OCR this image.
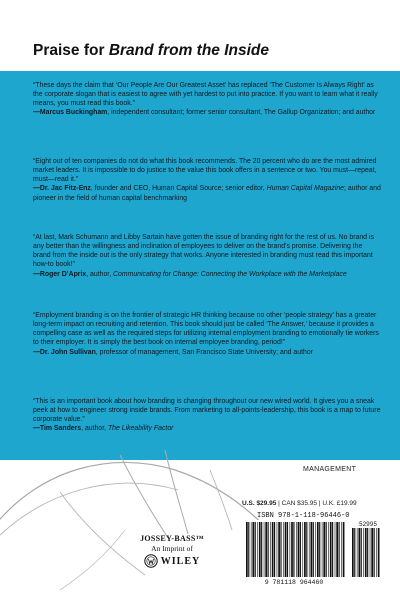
Praise for Brand from the Inside

“These days the claim that ‘Our People Are Our Greatest Asset’ has replaced ‘The Customer Is Always Right’ as the corporate slogan that is easiest to agree with yet hardest to put into practice. If you want to learn what it really means, you must read this book.”
—Marcus Buckingham, independent consultant; former senior consultant, The Gallup Organization; and author

“Eight out of ten companies do not do what this book recommends. The 20 percent who do are the most admired market leaders. It is impossible to do justice to the value this book offers in a sentence or two. You must—repeat, must—read it.”
—Dr. Jac Fitz-Enz, founder and CEO, Human Capital Source; senior editor, Human Capital Magazine; author and pioneer in the field of human capital benchmarking

“At last, Mark Schumann and Libby Sartain have gotten the issue of branding right for the rest of us. No brand is any better than the willingness and inclination of employees to deliver on the brand’s promise. Delivering the brand from the inside out is the only strategy that works. Anyone interested in branding must read this important how-to book!”
—Roger D’Aprix, author, Communicating for Change: Connecting the Workplace with the Marketplace

“Employment branding is on the frontier of strategic HR thinking because no other ‘people strategy’ has a greater long-term impact on recruiting and retention. This book should just be called ‘The Answer,’ because it provides a compelling case as well as the required steps for utilizing internal employment branding to emotionally tie workers to their employer. It is simply the best book on internal employee branding, period!”
—Dr. John Sullivan, professor of management, San Francisco State University; and author

“This is an important book about how branding is changing throughout our new wired world. It gives you a sneak peek at how to engineer strong inside brands. From marketing to all-points-leadership, this book is a map to future corporate value.”
—Tim Sanders, author, The Likeability Factor

MANAGEMENT
U.S. $29.95 | CAN $35.95 | U.K. £19.99
ISBN 978-1-118-96446-0
52995
9 781118 964460
JOSSEY-BASS™
An Imprint of
WILEY
